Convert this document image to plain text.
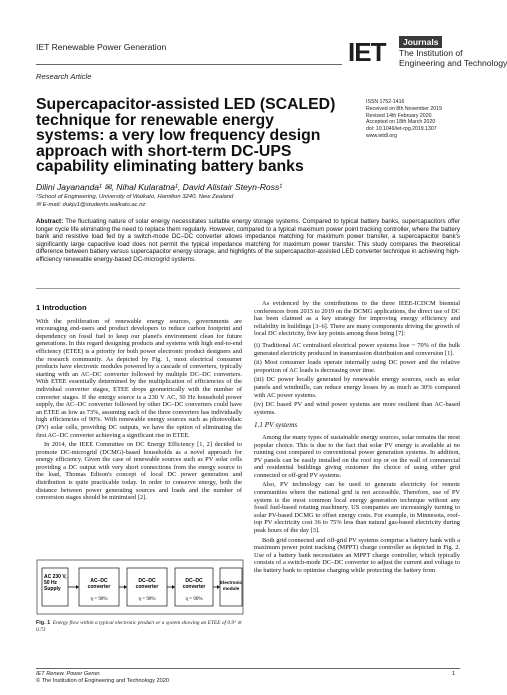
IET Renewable Power Generation	IET	Journals
The Institution of
Engineering and Technology
Research Article
Supercapacitor-assisted LED (SCALED) technique for renewable energy systems: a very low frequency design approach with short-term DC-UPS capability eliminating battery banks
ISSN 1752-1416
Received on 8th November 2019
Revised 14th February 2020
Accepted on 18th March 2020
doi: 10.1049/iet-rpg.2019.1307
www.ietdl.org
Dilini Jayananda¹ ✉, Nihal Kularatna¹, David Alistair Steyn-Ross¹
¹School of Engineering, University of Waikato, Hamilton 3240, New Zealand
✉ E-mail: dukju1@students.waikato.ac.nz
Abstract: The fluctuating nature of solar energy necessitates suitable energy storage systems. Compared to typical battery banks, supercapacitors offer longer cycle life eliminating the need to replace them regularly. However, compared to a typical maximum power point tracking controller, where the battery bank and resistive load fed by a switch-mode DC–DC converter allows impedance matching for maximum power transfer, a supercapacitor bank's significantly large capacitive load does not permit the typical impedance matching for maximum power transfer. This study compares the theoretical difference between battery versus supercapacitor energy storage, and highlights of the supercapacitor-assisted LED converter technique in achieving high-efficiency renewable energy-based DC-microgrid systems.
1 Introduction

With the proliferation of renewable energy sources, governments are encouraging end-users and product developers to reduce carbon footprint and dependency on fossil fuel to keep our planet's environment clean for future generations. In this regard designing products and systems with high end-to-end efficiency (ETEE) is a priority for both power electronic product designers and the research community. As depicted by Fig. 1, most electrical consumer products have electronic modules powered by a cascade of converters, typically starting with an AC–DC converter followed by multiple DC–DC converters. With ETEE essentially determined by the multiplication of efficiencies of the individual converter stages, ETEE drops geometrically with the number of converter stages. If the energy source is a 230 V AC, 50 Hz household power supply, the AC–DC converter followed by other DC–DC converters could have an ETEE as low as 73%, assuming each of the three converters has individually high efficiencies of 90%. With renewable energy sources such as photovoltaic (PV) solar cells, providing DC outputs, we have the option of eliminating the first AC–DC converter achieving a significant rise in ETEE.

In 2014, the IEEE Committee on DC Energy Efficiency [1, 2] decided to promote DC-microgrid (DCMG)-based households as a novel approach for energy efficiency. Given the case of renewable sources such as PV solar cells providing a DC output with very short connections from the energy source to the load, Thomas Edison's concept of local DC power generation and distribution is quite practicable today. In order to conserve energy, both the distance between power generating sources and loads and the number of conversion stages should be minimised [2].

AC 230 V, 50 Hz Supply
AC–DC converter
η = 90%
DC–DC converter
η = 90%
DC–DC converter
η = 90%
Electronic module
Fig. 1 Energy flow within a typical electronic product or a system showing an ETEE of 0.9³ ≅ 0.73

As evidenced by the contributions to the three IEEE-ICDCM biennial conferences from 2015 to 2019 on the DCMG applications, the direct use of DC has been claimed as a key strategy for improving energy efficiency and reliability in buildings [3–6]. There are many components driving the growth of local DC electricity, five key points among these being [7]:

(i) Traditional AC centralised electrical power systems lose ~ 70% of the bulk generated electricity produced in transmission distribution and conversion [1].

(ii) Most consumer loads operate internally using DC power and the relative proportion of AC loads is decreasing over time.

(iii) DC power locally generated by renewable energy sources, such as solar panels and windmills, can reduce energy losses by as much as 30% compared with AC power systems.

(iv) DC based PV and wind power systems are more resilient than AC-based systems.

1.1 PV systems

Among the many types of sustainable energy sources, solar remains the most popular choice. This is due to the fact that solar PV energy is available at no running cost compared to conventional power generation systems. In addition, PV panels can be easily installed on the roof top or on the wall of commercial and residential buildings giving customer the choice of using either grid connected or off-grid PV systems.

Also, PV technology can be used to generate electricity for remote communities where the national grid is not accessible. Therefore, use of PV system is the most common local energy generation technique without any fossil fuel-based rotating machinery. US companies are increasingly turning to solar PV-based DCMG to offset energy costs. For example, in Minnesota, roof-top PV electricity cost 36 to 75% less than natural gas-based electricity during peak hours of the day [3].

Both grid connected and off-grid PV systems comprise a battery bank with a maximum power point tracking (MPPT) charge controller as depicted in Fig. 2. Use of a battery bank necessitates an MPPT charge controller, which typically consists of a switch-mode DC–DC converter to adjust the current and voltage to the battery bank to optimise charging while protecting the battery from

IET Renew. Power Gener.
© The Institution of Engineering and Technology 2020
1
